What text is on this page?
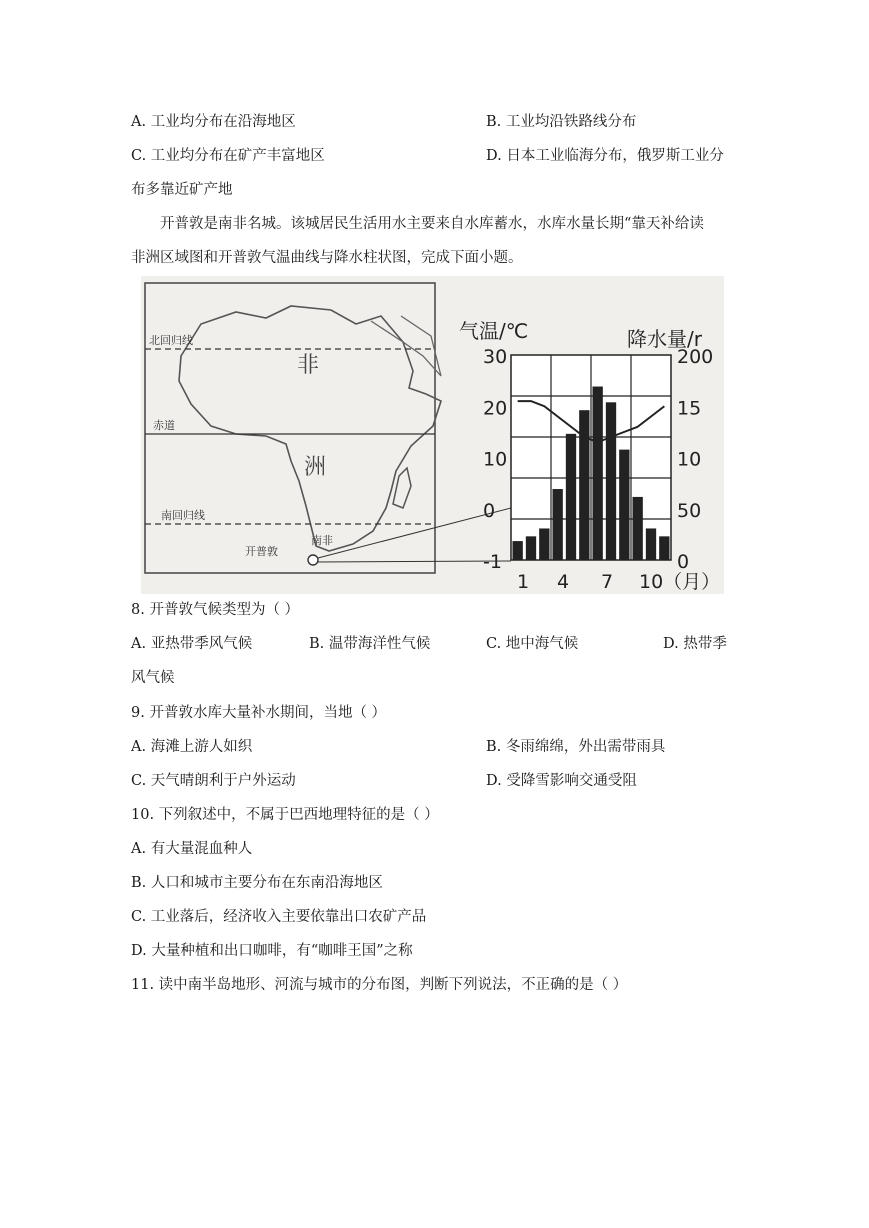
A. 工业均分布在沿海地区	B. 工业均沿铁路线分布
C. 工业均分布在矿产丰富地区	D. 日本工业临海分布，俄罗斯工业分
布多靠近矿产地
开普敦是南非名城。该城居民生活用水主要来自水库蓄水，水库水量长期“靠天补给读
非洲区域图和开普敦气温曲线与降水柱状图，完成下面小题。
北回归线
赤道
南回归线
非
洲
开普敦
南非
气温/℃	降水量/r
30
20
10
0
-1
200
15
10
50
0
1 4 7 10（月）
8. 开普敦气候类型为（ ）
A. 亚热带季风气候	B. 温带海洋性气候	C. 地中海气候	D. 热带季
风气候
9. 开普敦水库大量补水期间，当地（ ）
A. 海滩上游人如织	B. 冬雨绵绵，外出需带雨具
C. 天气晴朗利于户外运动	D. 受降雪影响交通受阻
10. 下列叙述中，不属于巴西地理特征的是（ ）
A. 有大量混血种人
B. 人口和城市主要分布在东南沿海地区
C. 工业落后，经济收入主要依靠出口农矿产品
D. 大量种植和出口咖啡，有“咖啡王国”之称
11. 读中南半岛地形、河流与城市的分布图，判断下列说法，不正确的是（ ）
